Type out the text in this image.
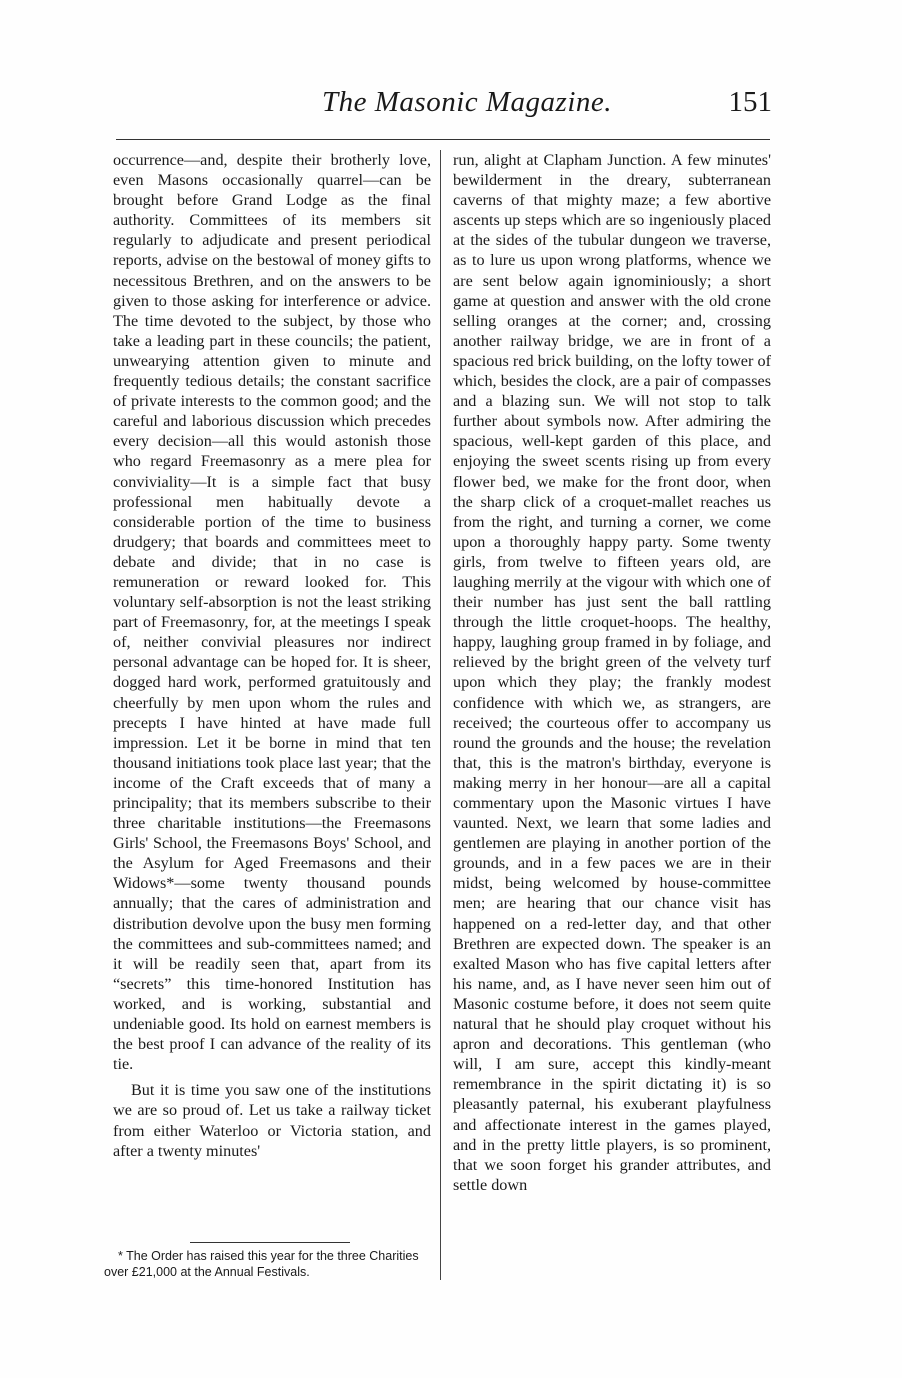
The Masonic Magazine.	151

occurrence—and, despite their brotherly love, even Masons occasionally quarrel—can be brought before Grand Lodge as the final authority. Committees of its members sit regularly to adjudicate and present periodical reports, advise on the bestowal of money gifts to necessitous Brethren, and on the answers to be given to those asking for interference or advice. The time devoted to the subject, by those who take a leading part in these councils; the patient, unwearying attention given to minute and frequently tedious details; the constant sacrifice of private interests to the common good; and the careful and laborious discussion which precedes every decision—all this would astonish those who regard Freemasonry as a mere plea for conviviality—It is a simple fact that busy professional men habitually devote a considerable portion of the time to business drudgery; that boards and committees meet to debate and divide; that in no case is remuneration or reward looked for. This voluntary self-absorption is not the least striking part of Freemasonry, for, at the meetings I speak of, neither convivial pleasures nor indirect personal advantage can be hoped for. It is sheer, dogged hard work, performed gratuitously and cheerfully by men upon whom the rules and precepts I have hinted at have made full impression. Let it be borne in mind that ten thousand initiations took place last year; that the income of the Craft exceeds that of many a principality; that its members subscribe to their three charitable institutions—the Freemasons Girls' School, the Freemasons Boys' School, and the Asylum for Aged Freemasons and their Widows*—some twenty thousand pounds annually; that the cares of administration and distribution devolve upon the busy men forming the committees and sub-committees named; and it will be readily seen that, apart from its “secrets” this time-honored Institution has worked, and is working, substantial and undeniable good. Its hold on earnest members is the best proof I can advance of the reality of its tie.

But it is time you saw one of the institutions we are so proud of. Let us take a railway ticket from either Waterloo or Victoria station, and after a twenty minutes'

run, alight at Clapham Junction. A few minutes' bewilderment in the dreary, subterranean caverns of that mighty maze; a few abortive ascents up steps which are so ingeniously placed at the sides of the tubular dungeon we traverse, as to lure us upon wrong platforms, whence we are sent below again ignominiously; a short game at question and answer with the old crone selling oranges at the corner; and, crossing another railway bridge, we are in front of a spacious red brick building, on the lofty tower of which, besides the clock, are a pair of compasses and a blazing sun. We will not stop to talk further about symbols now. After admiring the spacious, well-kept garden of this place, and enjoying the sweet scents rising up from every flower bed, we make for the front door, when the sharp click of a croquet-mallet reaches us from the right, and turning a corner, we come upon a thoroughly happy party. Some twenty girls, from twelve to fifteen years old, are laughing merrily at the vigour with which one of their number has just sent the ball rattling through the little croquet-hoops. The healthy, happy, laughing group framed in by foliage, and relieved by the bright green of the velvety turf upon which they play; the frankly modest confidence with which we, as strangers, are received; the courteous offer to accompany us round the grounds and the house; the revelation that, this is the matron's birthday, everyone is making merry in her honour—are all a capital commentary upon the Masonic virtues I have vaunted. Next, we learn that some ladies and gentlemen are playing in another portion of the grounds, and in a few paces we are in their midst, being welcomed by house-committee men; are hearing that our chance visit has happened on a red-letter day, and that other Brethren are expected down. The speaker is an exalted Mason who has five capital letters after his name, and, as I have never seen him out of Masonic costume before, it does not seem quite natural that he should play croquet without his apron and decorations. This gentleman (who will, I am sure, accept this kindly-meant remembrance in the spirit dictating it) is so pleasantly paternal, his exuberant playfulness and affectionate interest in the games played, and in the pretty little players, is so prominent, that we soon forget his grander attributes, and settle down

* The Order has raised this year for the three Charities over £21,000 at the Annual Festivals.
